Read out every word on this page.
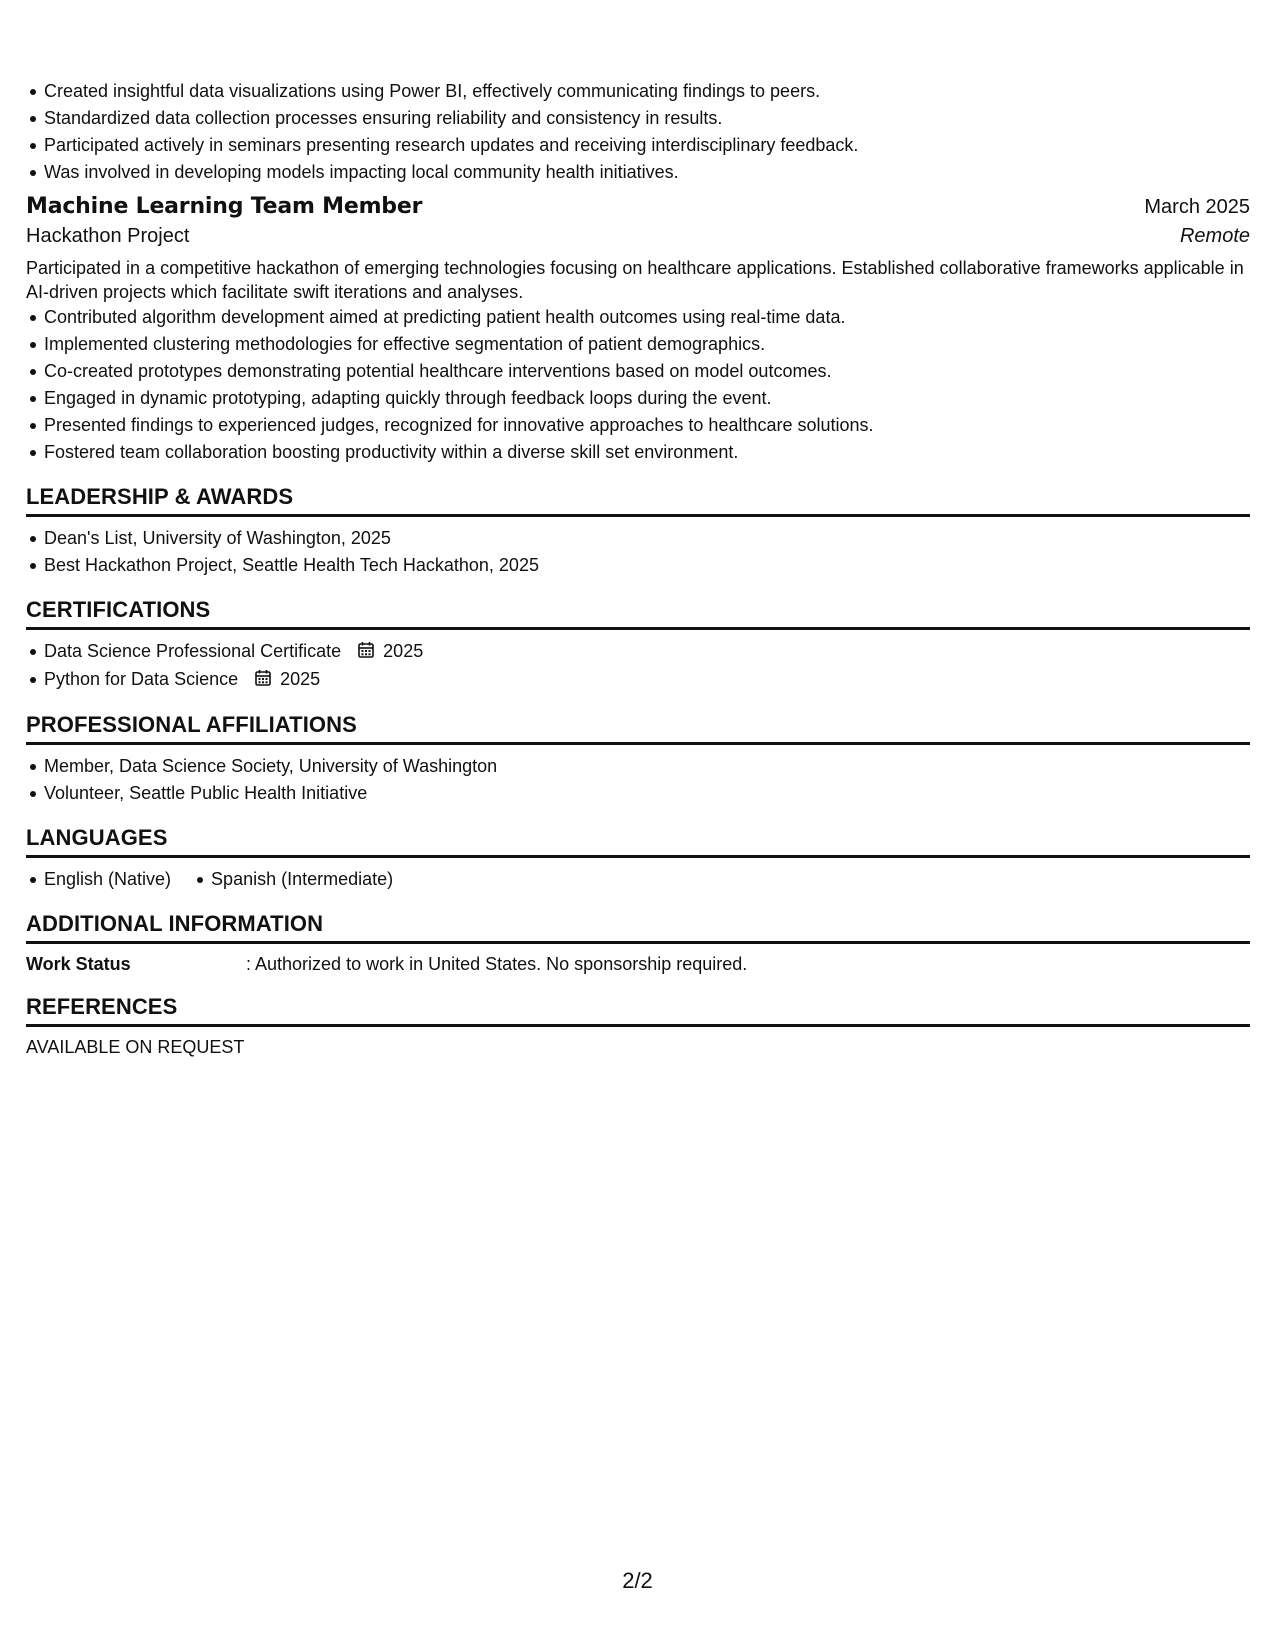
Created insightful data visualizations using Power BI, effectively communicating findings to peers.
Standardized data collection processes ensuring reliability and consistency in results.
Participated actively in seminars presenting research updates and receiving interdisciplinary feedback.
Was involved in developing models impacting local community health initiatives.
Machine Learning Team Member	March 2025
Hackathon Project	Remote
Participated in a competitive hackathon of emerging technologies focusing on healthcare applications. Established collaborative frameworks applicable in AI-driven projects which facilitate swift iterations and analyses.
Contributed algorithm development aimed at predicting patient health outcomes using real-time data.
Implemented clustering methodologies for effective segmentation of patient demographics.
Co-created prototypes demonstrating potential healthcare interventions based on model outcomes.
Engaged in dynamic prototyping, adapting quickly through feedback loops during the event.
Presented findings to experienced judges, recognized for innovative approaches to healthcare solutions.
Fostered team collaboration boosting productivity within a diverse skill set environment.
LEADERSHIP & AWARDS
Dean's List, University of Washington, 2025
Best Hackathon Project, Seattle Health Tech Hackathon, 2025
CERTIFICATIONS
Data Science Professional Certificate 2025
Python for Data Science 2025
PROFESSIONAL AFFILIATIONS
Member, Data Science Society, University of Washington
Volunteer, Seattle Public Health Initiative
LANGUAGES
English (Native) Spanish (Intermediate)
ADDITIONAL INFORMATION
Work Status	: Authorized to work in United States. No sponsorship required.
REFERENCES
AVAILABLE ON REQUEST
2/2
